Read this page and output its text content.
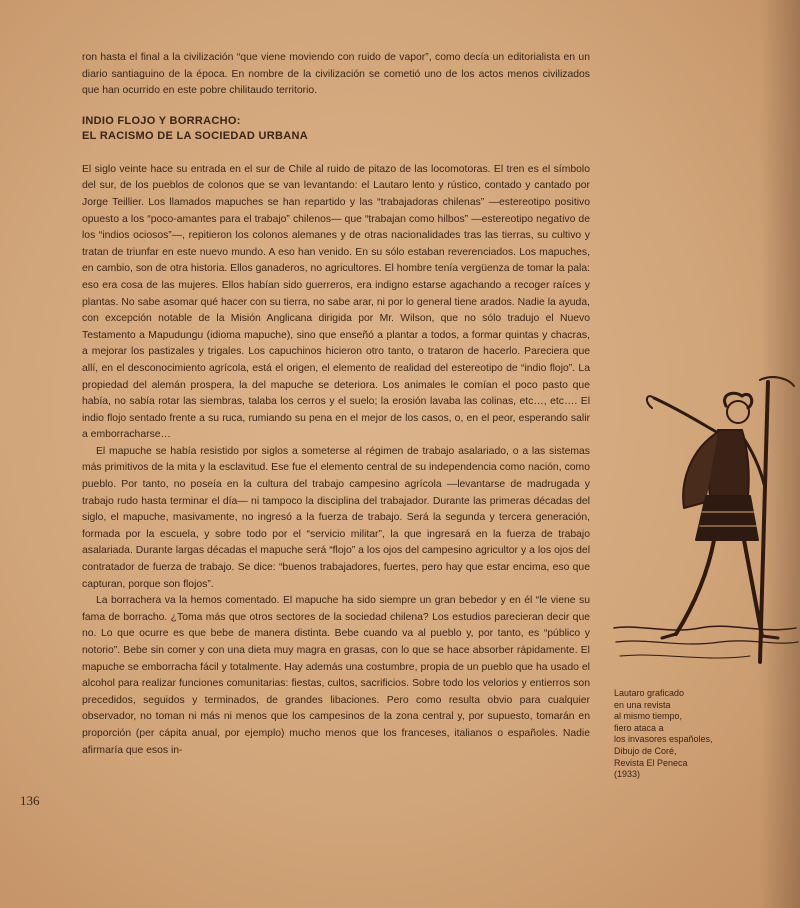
ron hasta el final a la civilización “que viene moviendo con ruido de vapor”, como decía un editorialista en un diario santiaguino de la época. En nombre de la civilización se cometió uno de los actos menos civilizados que han ocurrido en este pobre chilitaudo territorio.

INDIO FLOJO Y BORRACHO:
EL RACISMO DE LA SOCIEDAD URBANA

El siglo veinte hace su entrada en el sur de Chile al ruido de pitazo de las locomotoras. El tren es el símbolo del sur, de los pueblos de colonos que se van levantando: el Lautaro lento y rústico, contado y cantado por Jorge Teillier. Los llamados mapuches se han repartido y las “trabajadoras chilenas” —estereotipo positivo opuesto a los “poco-amantes para el trabajo” chilenos— que “trabajan como hilbos” —estereotipo negativo de los “indios ociosos”—, repitieron los colonos alemanes y de otras nacionalidades tras las tierras, su cultivo y tratan de triunfar en este nuevo mundo. A eso han venido. En su sólo estaban reverenciados. Los mapuches, en cambio, son de otra historia. Ellos ganaderos, no agricultores. El hombre tenía vergüenza de tomar la pala: eso era cosa de las mujeres. Ellos habían sido guerreros, era indigno estarse agachando a recoger raíces y plantas. No sabe asomar qué hacer con su tierra, no sabe arar, ni por lo general tiene arados. Nadie la ayuda, con excepción notable de la Misión Anglicana dirigida por Mr. Wilson, que no sólo tradujo el Nuevo Testamento a Mapudungu (idioma mapuche), sino que enseñó a plantar a todos, a formar quintas y chacras, a mejorar los pastizales y trigales. Los capuchinos hicieron otro tanto, o trataron de hacerlo. Pareciera que allí, en el desconocimiento agrícola, está el origen, el elemento de realidad del estereotipo de “indio flojo”. La propiedad del alemán prospera, la del mapuche se deteriora. Los animales le comían el poco pasto que había, no sabía rotar las siembras, talaba los cerros y el suelo; la erosión lavaba las colinas, etc…, etc…. El indio flojo sentado frente a su ruca, rumiando su pena en el mejor de los casos, o, en el peor, esperando salir a emborracharse…

El mapuche se había resistido por siglos a someterse al régimen de trabajo asalariado, o a las sistemas más primitivos de la mita y la esclavitud. Ese fue el elemento central de su independencia como nación, como pueblo. Por tanto, no poseía en la cultura del trabajo campesino agrícola —levantarse de madrugada y trabajo rudo hasta terminar el día— ni tampoco la disciplina del trabajador. Durante las primeras décadas del siglo, el mapuche, masivamente, no ingresó a la fuerza de trabajo. Será la segunda y tercera generación, formada por la escuela, y sobre todo por el “servicio militar”, la que ingresará en la fuerza de trabajo asalariada. Durante largas décadas el mapuche será “flojo” a los ojos del campesino agricultor y a los ojos del contratador de fuerza de trabajo. Se dice: “buenos trabajadores, fuertes, pero hay que estar encima, eso que capturan, porque son flojos”.

La borrachera va la hemos comentado. El mapuche ha sido siempre un gran bebedor y en él “le viene su fama de borracho. ¿Toma más que otros sectores de la sociedad chilena? Los estudios parecieran decir que no. Lo que ocurre es que bebe de manera distinta. Bebe cuando va al pueblo y, por tanto, es “público y notorio”. Bebe sin comer y con una dieta muy magra en grasas, con lo que se hace absorber rápidamente. El mapuche se emborracha fácil y totalmente. Hay además una costumbre, propia de un pueblo que ha usado el alcohol para realizar funciones comunitarias: fiestas, cultos, sacrificios. Sobre todo los velorios y entierros son precedidos, seguidos y terminados, de grandes libaciones. Pero como resulta obvio para cualquier observador, no toman ni más ni menos que los campesinos de la zona central y, por supuesto, tomarán en proporción (per cápita anual, por ejemplo) mucho menos que los franceses, italianos o españoles. Nadie afirmaría que esos in-

136
Lautaro graficado
en una revista
al mismo tiempo,
fiero ataca a
los invasores españoles,
Dibujo de Coré,
Revista El Peneca
(1933)
